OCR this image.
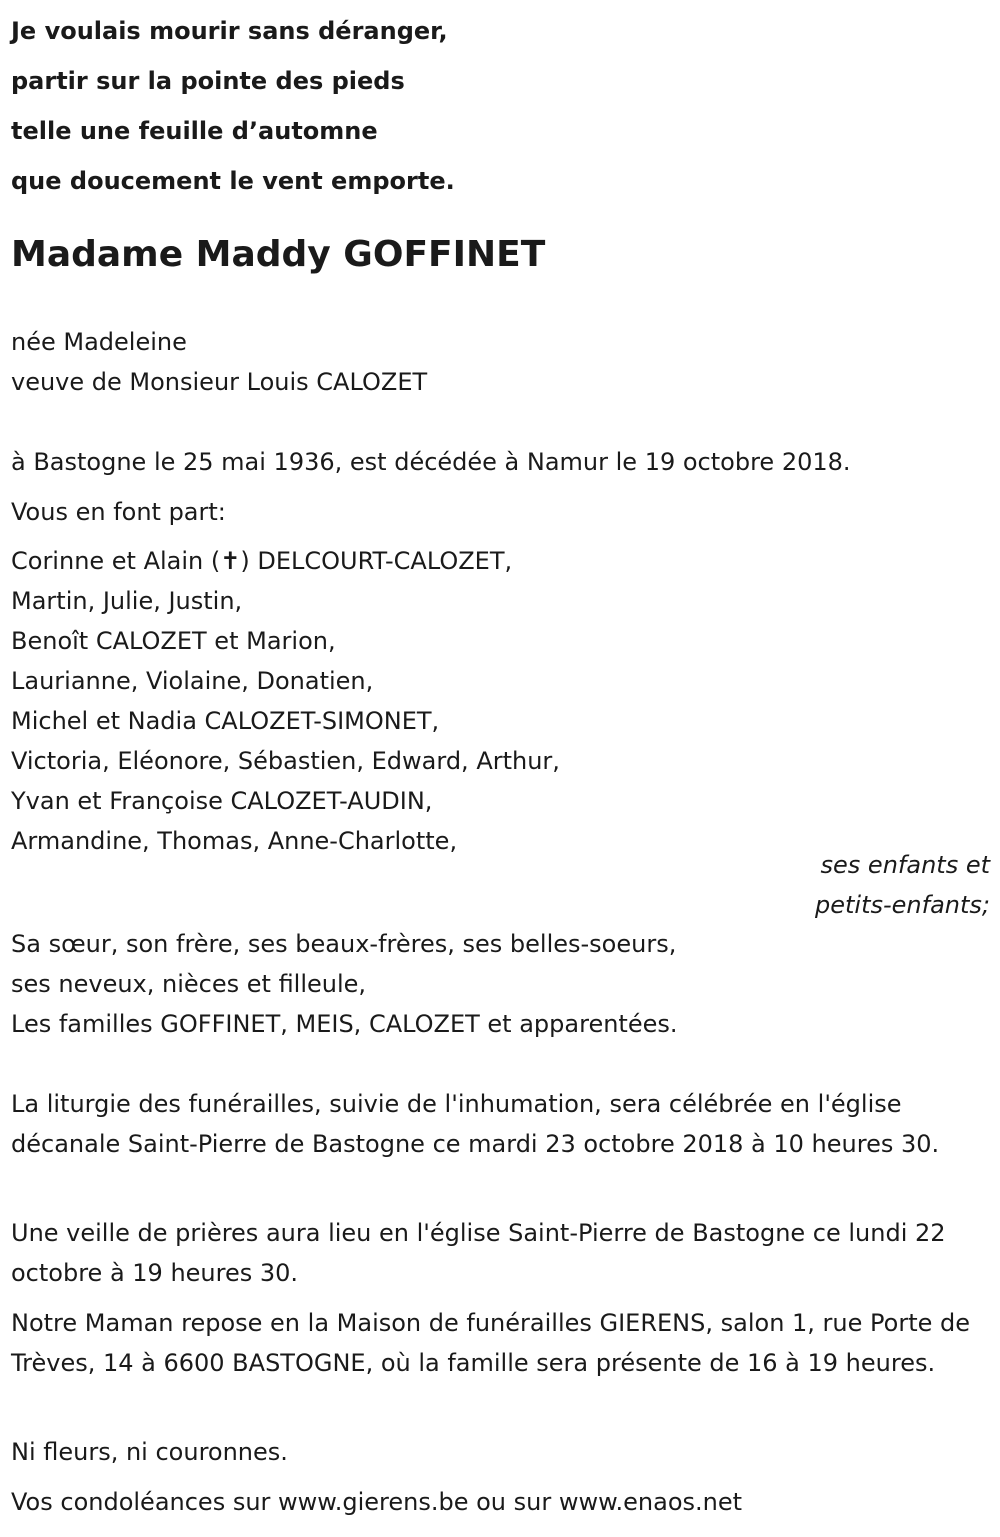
Je voulais mourir sans déranger,
partir sur la pointe des pieds
telle une feuille d’automne
que doucement le vent emporte.
Madame Maddy GOFFINET
née Madeleine
veuve de Monsieur Louis CALOZET
à Bastogne le 25 mai 1936, est décédée à Namur le 19 octobre 2018.
Vous en font part:
Corinne et Alain (✝) DELCOURT-CALOZET,
Martin, Julie, Justin,
Benoît CALOZET et Marion,
Laurianne, Violaine, Donatien,
Michel et Nadia CALOZET-SIMONET,
Victoria, Eléonore, Sébastien, Edward, Arthur,
Yvan et Françoise CALOZET-AUDIN,
Armandine, Thomas, Anne-Charlotte,
ses enfants et
petits-enfants;
Sa sœur, son frère, ses beaux-frères, ses belles-soeurs,
ses neveux, nièces et filleule,
Les familles GOFFINET, MEIS, CALOZET et apparentées.
La liturgie des funérailles, suivie de l'inhumation, sera célébrée en l'église décanale Saint-Pierre de Bastogne ce mardi 23 octobre 2018 à 10 heures 30.
Une veille de prières aura lieu en l'église Saint-Pierre de Bastogne ce lundi 22 octobre à 19 heures 30.
Notre Maman repose en la Maison de funérailles GIERENS, salon 1, rue Porte de Trèves, 14 à 6600 BASTOGNE, où la famille sera présente de 16 à 19 heures.
Ni fleurs, ni couronnes.
Vos condoléances sur www.gierens.be ou sur www.enaos.net
